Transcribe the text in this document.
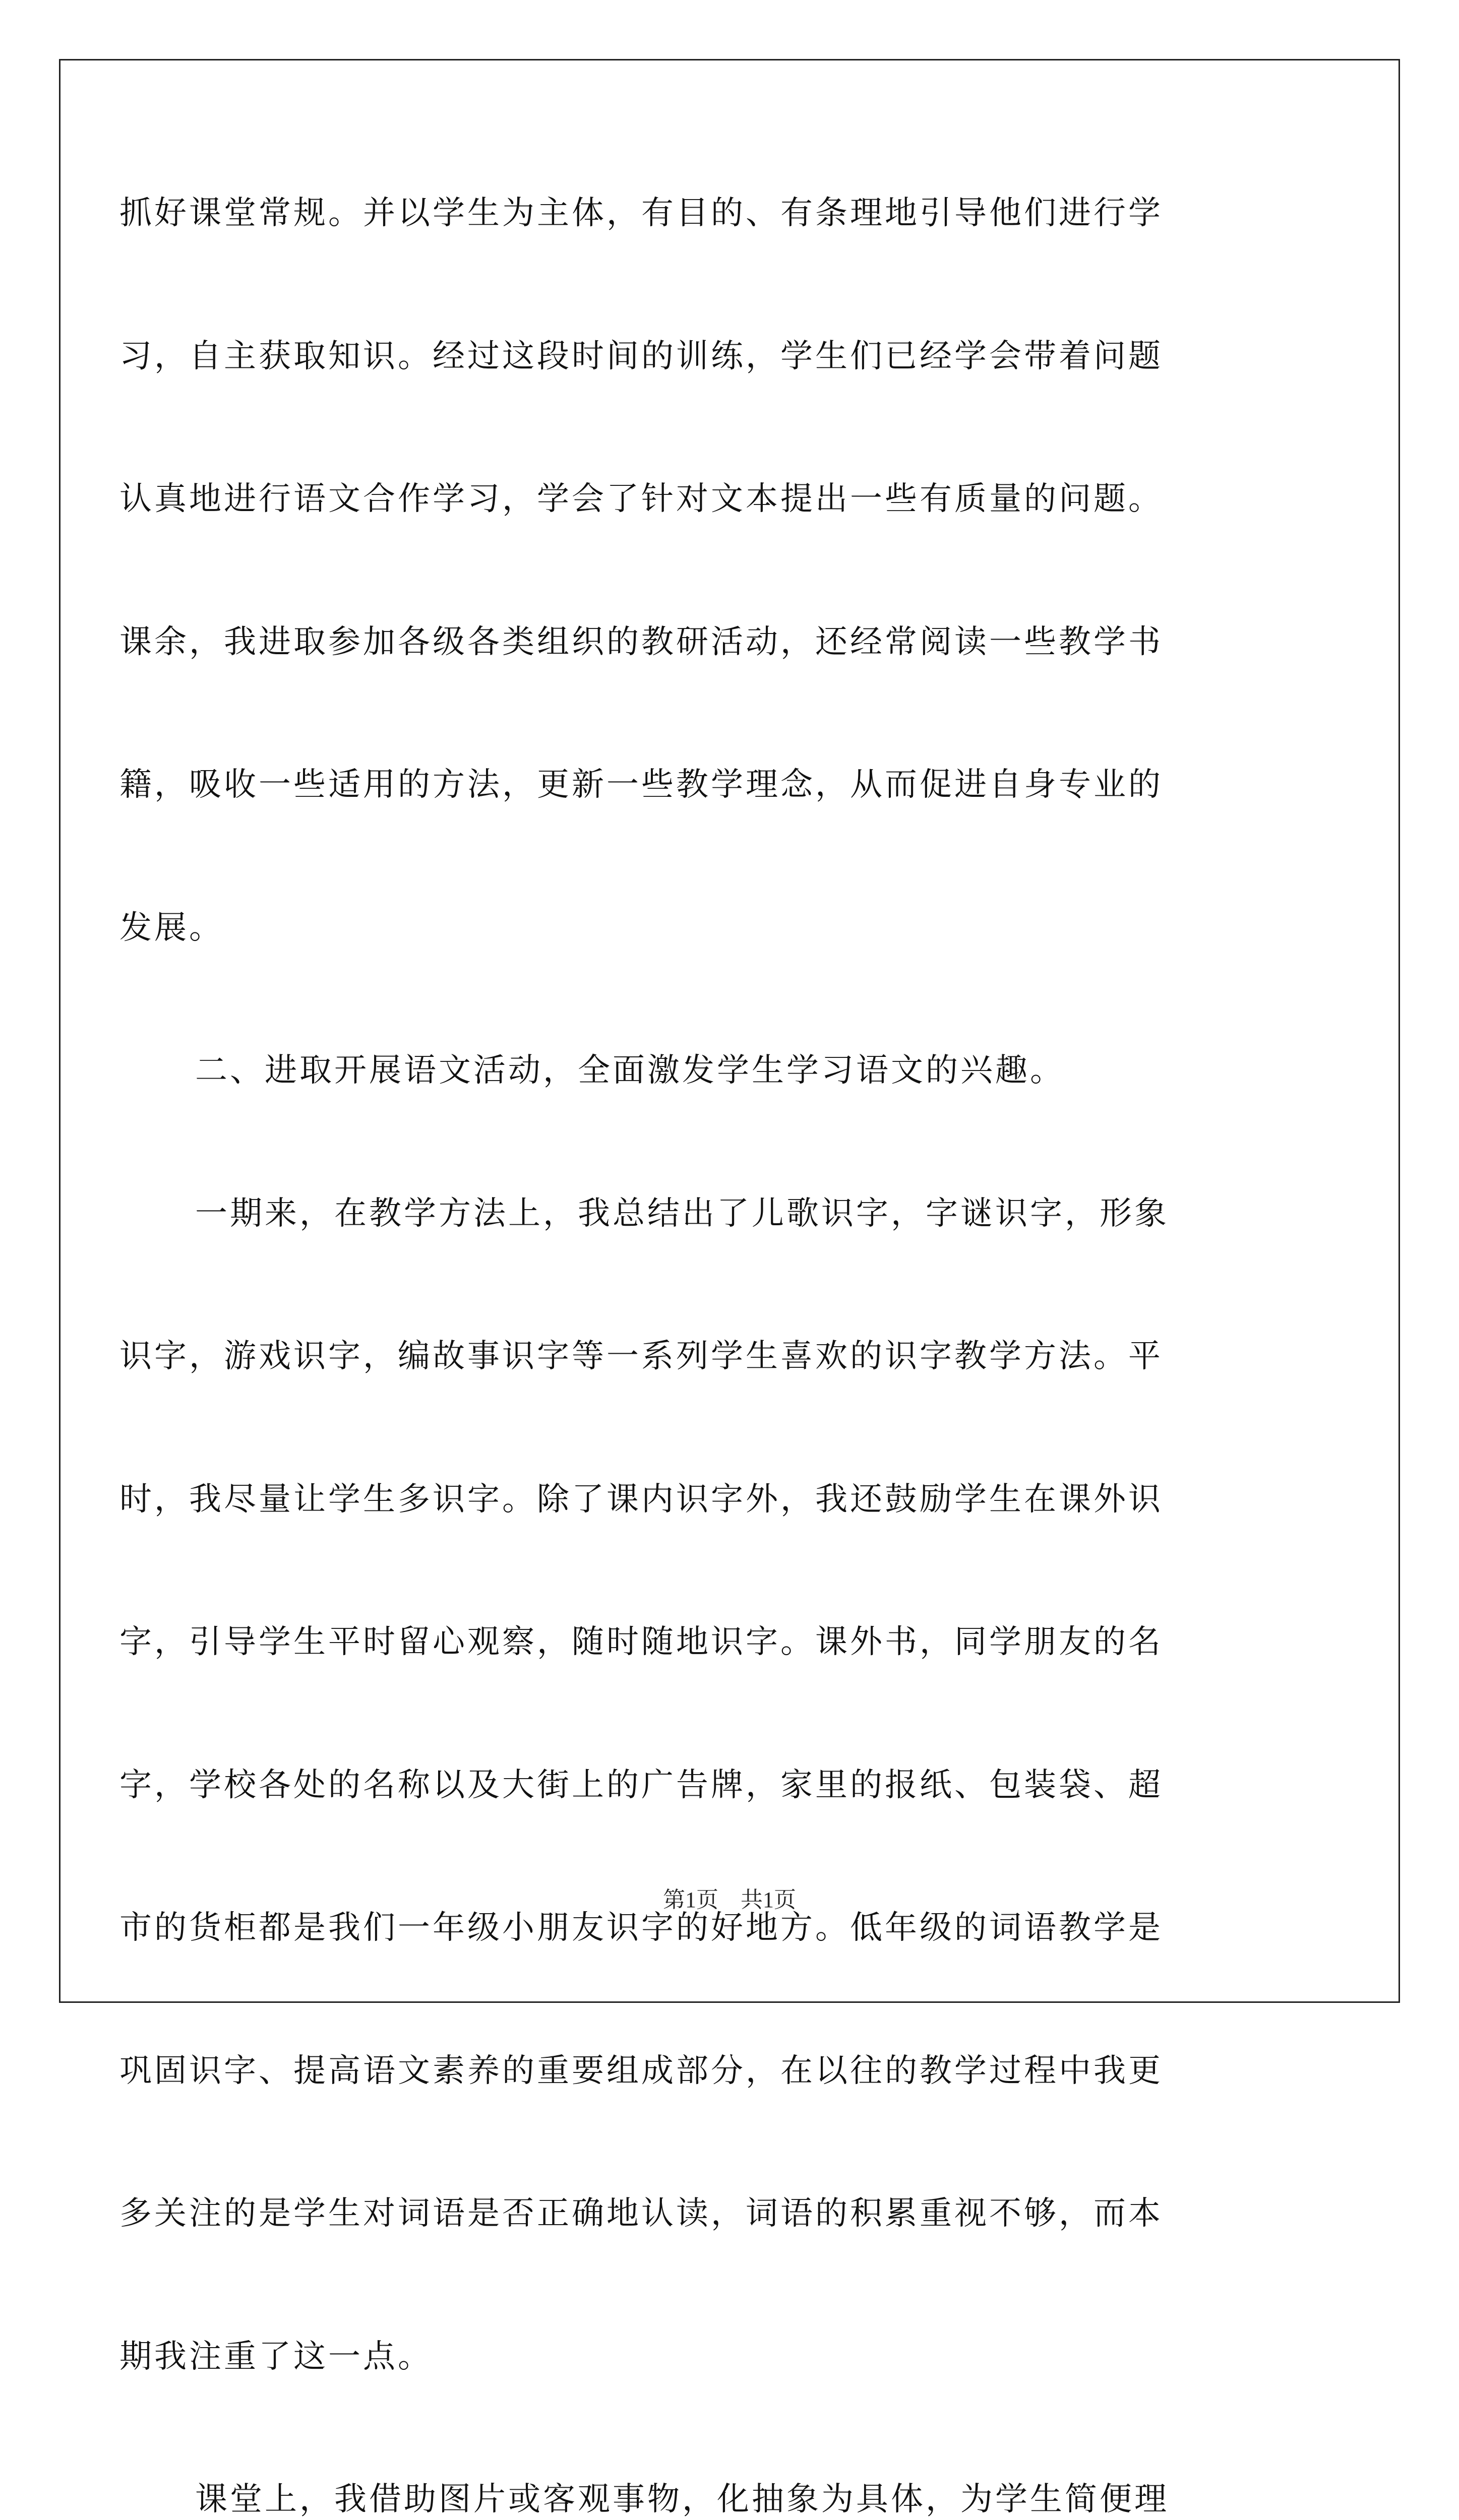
抓好课堂常规。并以学生为主体，有目的、有条理地引导他们进行学
习，自主获取知识。经过这段时间的训练，学生们已经学会带着问题
认真地进行语文合作学习，学会了针对文本提出一些有质量的问题。
课余，我进取参加各级各类组织的教研活动，还经常阅读一些教学书
籍，吸收一些适用的方法，更新一些教学理念，从而促进自身专业的
发展。
二、进取开展语文活动，全面激发学生学习语文的兴趣。
一期来，在教学方法上，我总结出了儿歌识字，字谜识字，形象
识字，游戏识字，编故事识字等一系列学生喜欢的识字教学方法。平
时，我尽量让学生多识字。除了课内识字外，我还鼓励学生在课外识
字，引导学生平时留心观察，随时随地识字。课外书，同学朋友的名
字，学校各处的名称以及大街上的广告牌，家里的报纸、包装袋、超
市的货柜都是我们一年级小朋友识字的好地方。低年级的词语教学是
巩固识字、提高语文素养的重要组成部分，在以往的教学过程中我更
多关注的是学生对词语是否正确地认读，词语的积累重视不够，而本
期我注重了这一点。
课堂上，我借助图片或客观事物，化抽象为具体，为学生简便理
第1页　共1页
